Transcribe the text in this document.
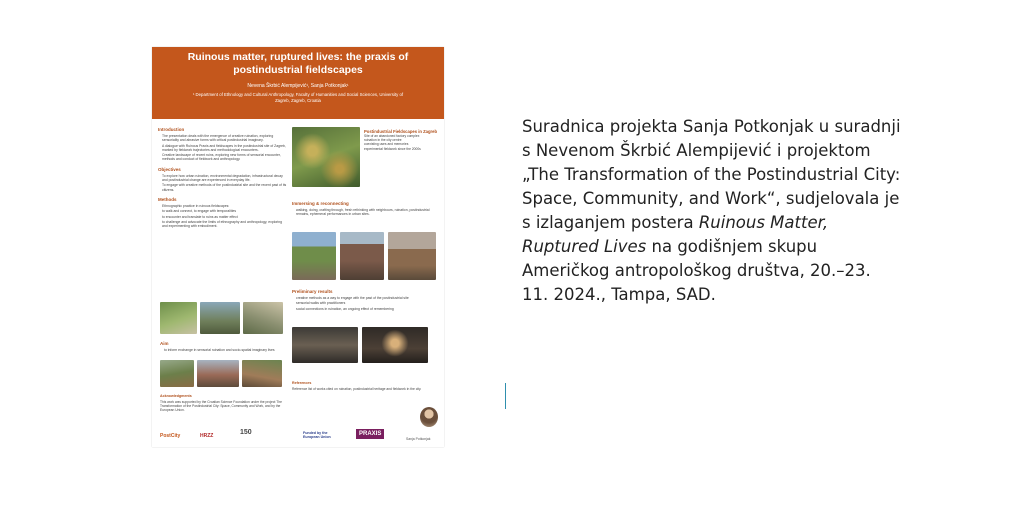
Ruinous matter, ruptured lives: the praxis of postindustrial fieldscapes
Nevena Škrbić Alempijević¹, Sanja Potkonjak¹
¹ Department of Ethnology and Cultural Anthropology, Faculty of Humanities and Social Sciences, University of Zagreb, Zagreb, Croatia
Introduction
The presentation deals with the emergence of creative ruination, exploring sensoriality and abrasive forms with critical postindustrial imaginary.
A dialogue with Ruinous Praxis and fieldscapes in the postindustrial site of Zagreb, marked by fieldwork trajectories and methodological encounters.
Creative landscape of recent ruins, exploring new forms of sensorial encounter, methods and conduct of fieldwork and anthropology.
Objectives
To explore how urban ruination, environmental degradation, infrastructural decay and postindustrial change are experienced in everyday life.
To engage with creative methods of the postindustrial site and the recent past of its citizens.
Methods
Ethnographic practice in ruinous fieldscapes:
to walk and connect, to engage with temporalities
to encounter and translate to ruins as matter effect
to challenge and advocate the limits of ethnography and anthropology, exploring and experimenting with embodiment.
Aim
to inform exchange in sensorial ruination and socio-spatial imaginary lives
Acknowledgments
This work was supported by the Croatian Science Foundation under the project The Transformation of the Postindustrial City: Space, Community and Work, and by the European Union.
Postindustrial Fieldscapes in Zagreb
Site of an abandoned factory complex
ruination in the city centre
coexisting uses and memories
experimental fieldwork since the 2000s
Immersing & reconnecting
walking, doing, crafting through, fresh rethinking with neighbours, ruination, postindustrial remains, ephemeral performances in urban sites.
Preliminary results
creative methods as a way to engage with the past of the postindustrial site
sensorial walks with practitioners
social connections in ruination, an ongoing effect of remembering
References
Reference list of works cited on ruination, postindustrial heritage and fieldwork in the city.
PostCity	HRZZ	150	Funded by the European Union	PRAXIS
Sanja Potkonjak

Suradnica projekta Sanja Potkonjak u suradnji s Nevenom Škrbić Alempijević i projektom „The Transformation of the Postindustrial City: Space, Community, and Work“, sudjelovala je s izlaganjem postera Ruinous Matter, Ruptured Lives na godišnjem skupu Američkog antropološkog društva, 20.–23. 11. 2024., Tampa, SAD.
